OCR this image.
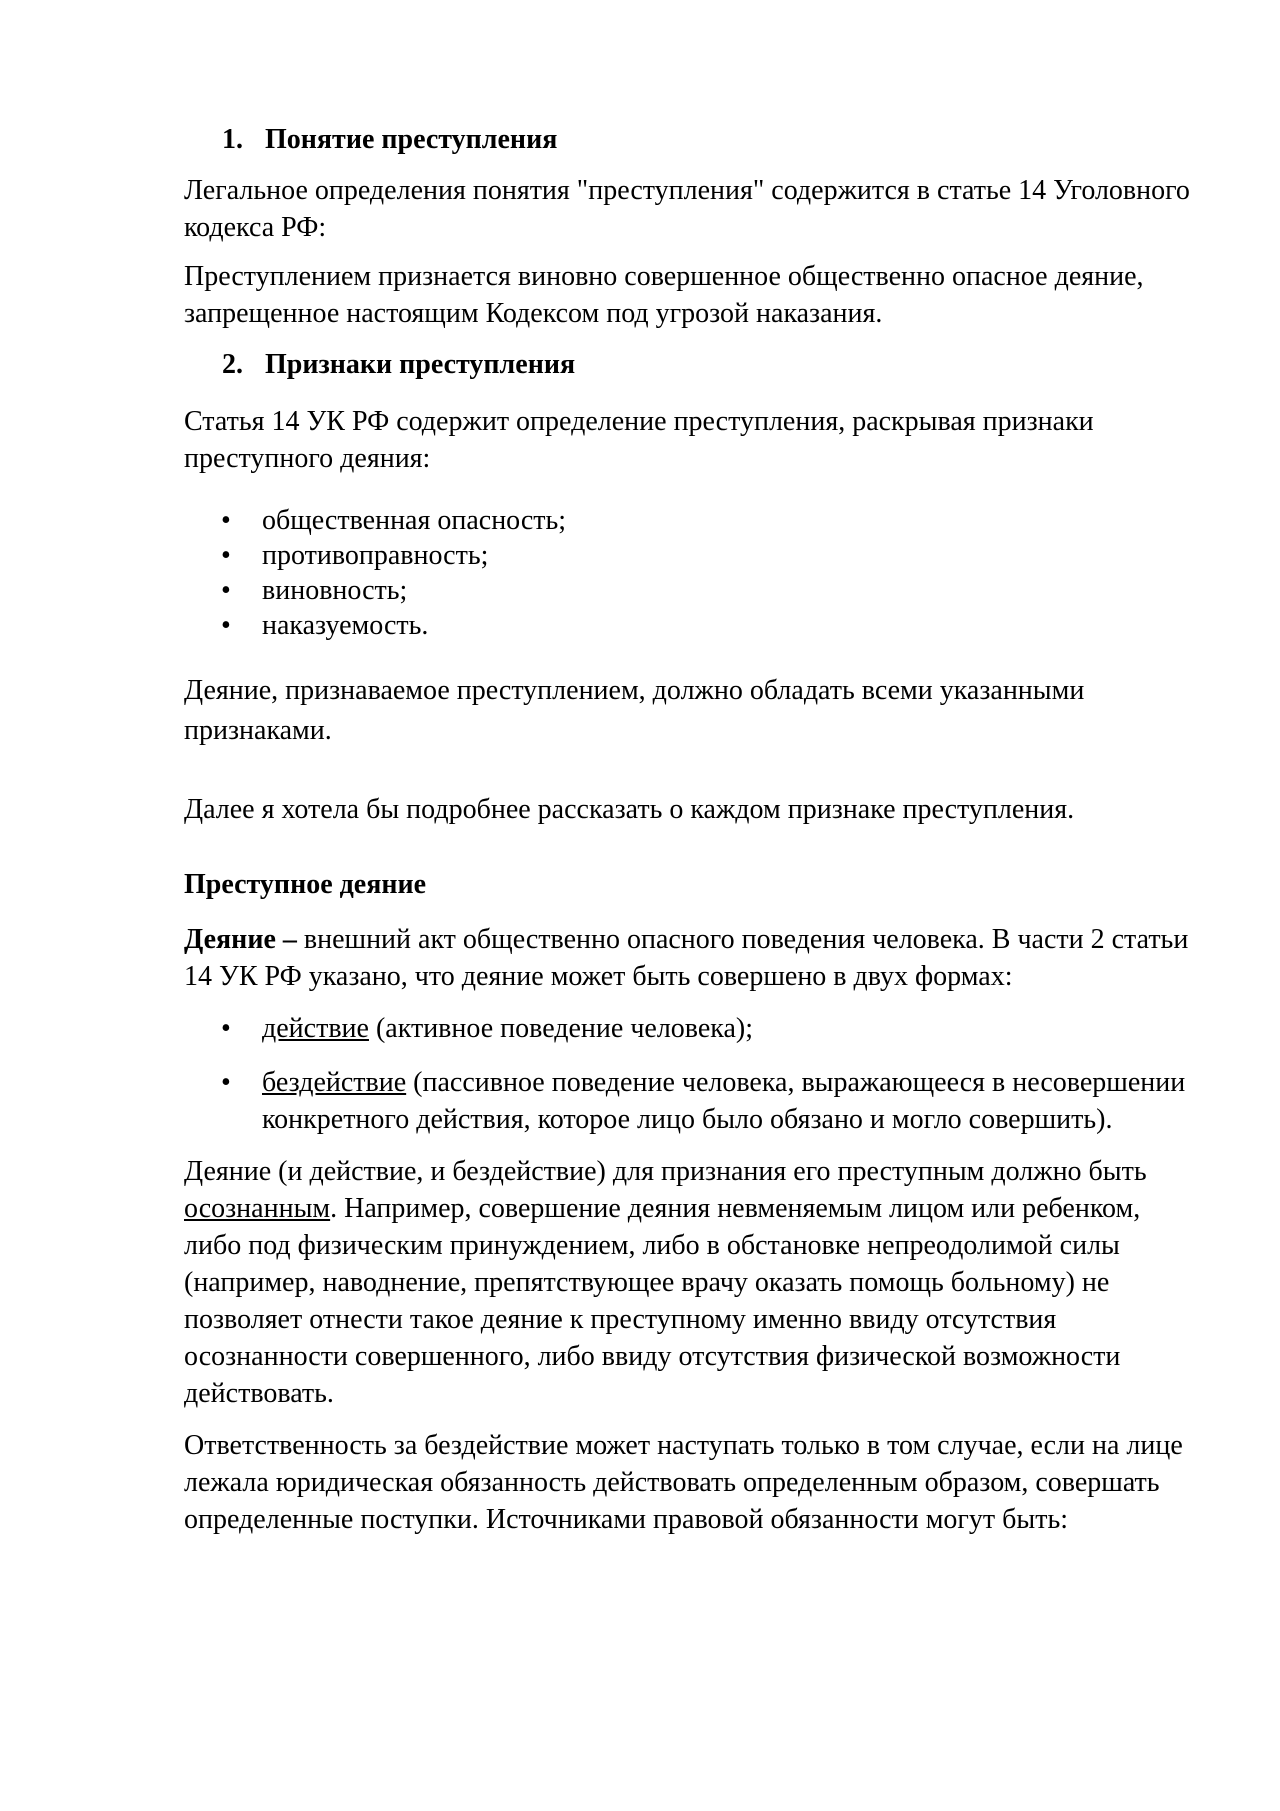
1. Понятие преступления

Легальное определения понятия "преступления" содержится в статье 14 Уголовного кодекса РФ:

Преступлением признается виновно совершенное общественно опасное деяние, запрещенное настоящим Кодексом под угрозой наказания.

2. Признаки преступления

Статья 14 УК РФ содержит определение преступления, раскрывая признаки преступного деяния:

• общественная опасность;
• противоправность;
• виновность;
• наказуемость.

Деяние, признаваемое преступлением, должно обладать всеми указанными признаками.

Далее я хотела бы подробнее рассказать о каждом признаке преступления.

Преступное деяние

Деяние – внешний акт общественно опасного поведения человека. В части 2 статьи 14 УК РФ указано, что деяние может быть совершено в двух формах:

• действие (активное поведение человека);
• бездействие (пассивное поведение человека, выражающееся в несовершении конкретного действия, которое лицо было обязано и могло совершить).

Деяние (и действие, и бездействие) для признания его преступным должно быть осознанным. Например, совершение деяния невменяемым лицом или ребенком, либо под физическим принуждением, либо в обстановке непреодолимой силы (например, наводнение, препятствующее врачу оказать помощь больному) не позволяет отнести такое деяние к преступному именно ввиду отсутствия осознанности совершенного, либо ввиду отсутствия физической возможности действовать.

Ответственность за бездействие может наступать только в том случае, если на лице лежала юридическая обязанность действовать определенным образом, совершать определенные поступки. Источниками правовой обязанности могут быть:
